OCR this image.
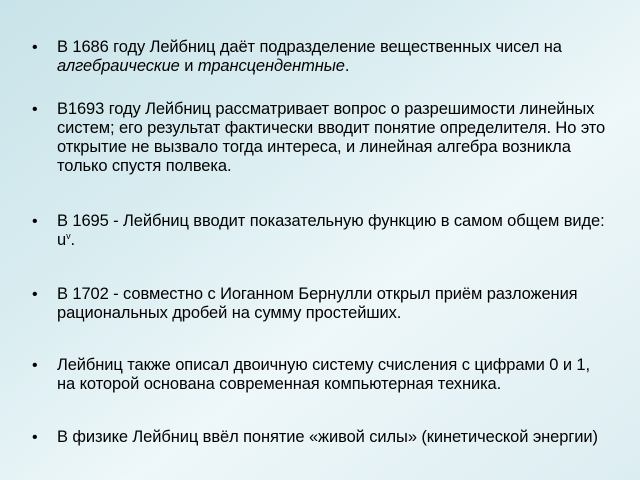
• В 1686 году Лейбниц даёт подразделение вещественных чисел на алгебраические и трансцендентные.
• В1693 году Лейбниц рассматривает вопрос о разрешимости линейных систем; его результат фактически вводит понятие определителя. Но это открытие не вызвало тогда интереса, и линейная алгебра возникла только спустя полвека.
• В 1695 - Лейбниц вводит показательную функцию в самом общем виде: $u^v$.
• В 1702 - совместно с Иоганном Бернулли открыл приём разложения рациональных дробей на сумму простейших.
• Лейбниц также описал двоичную систему счисления с цифрами 0 и 1, на которой основана современная компьютерная техника.
• В физике Лейбниц ввёл понятие «живой силы» (кинетической энергии)
